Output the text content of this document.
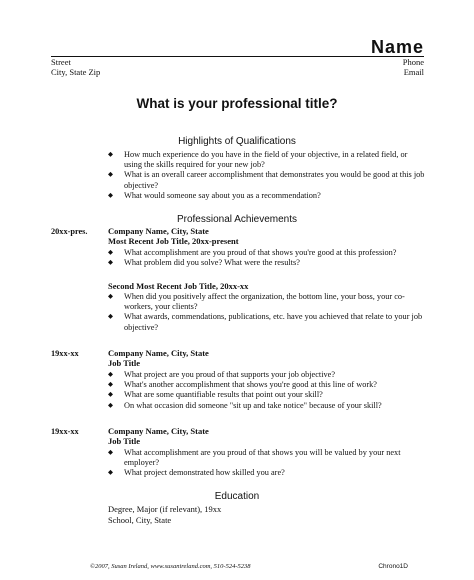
Name
Street
City, State Zip
Phone
Email
What is your professional title?
Highlights of Qualifications
◆ How much experience do you have in the field of your objective, in a related field, or using the skills required for your new job?
◆ What is an overall career accomplishment that demonstrates you would be good at this job objective?
◆ What would someone say about you as a recommendation?
Professional Achievements
20xx-pres. Company Name, City, State
Most Recent Job Title, 20xx-present
◆ What accomplishment are you proud of that shows you're good at this profession?
◆ What problem did you solve? What were the results?
Second Most Recent Job Title, 20xx-xx
◆ When did you positively affect the organization, the bottom line, your boss, your co-workers, your clients?
◆ What awards, commendations, publications, etc. have you achieved that relate to your job objective?
19xx-xx	Company Name, City, State
Job Title
◆ What project are you proud of that supports your job objective?
◆ What's another accomplishment that shows you're good at this line of work?
◆ What are some quantifiable results that point out your skill?
◆ On what occasion did someone "sit up and take notice" because of your skill?
19xx-xx	Company Name, City, State
Job Title
◆ What accomplishment are you proud of that shows you will be valued by your next employer?
◆ What project demonstrated how skilled you are?
Education
Degree, Major (if relevant), 19xx
School, City, State
©2007, Susan Ireland, www.susanireland.com, 510-524-5238	Chrono1D
